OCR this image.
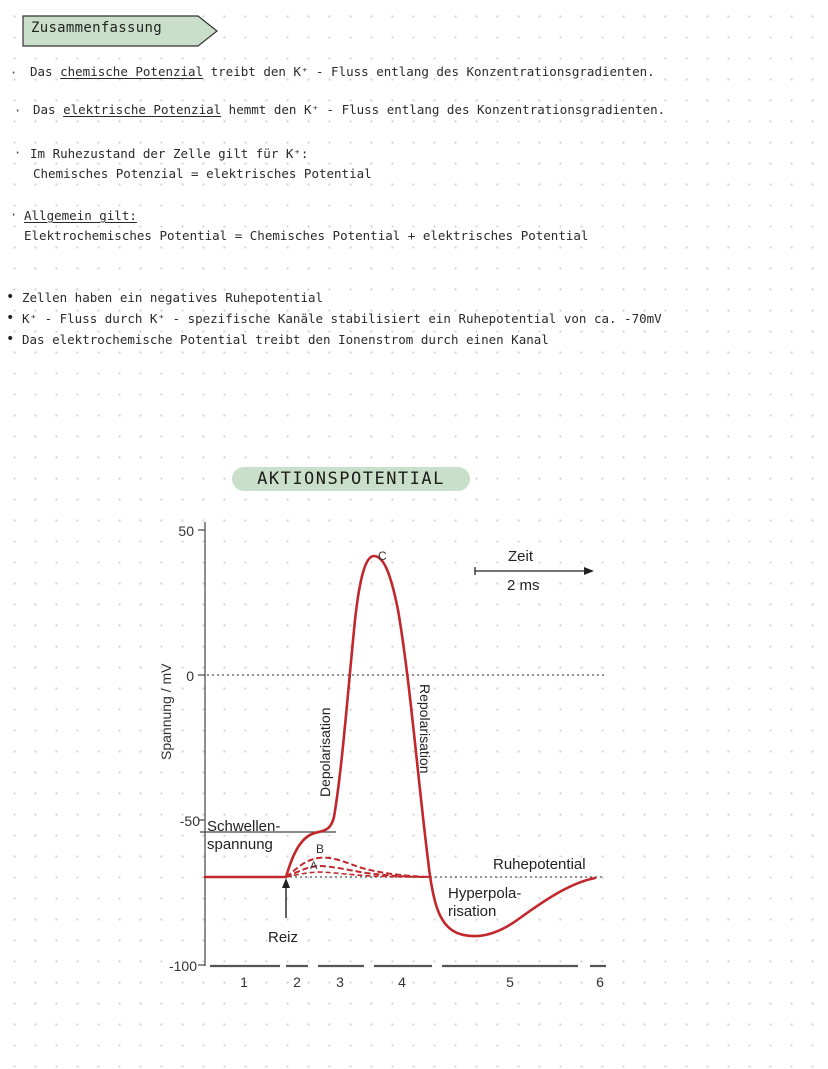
Zusammenfassung
· Das chemische Potenzial treibt den K⁺ - Fluss entlang des Konzentrationsgradienten.
· Das elektrische Potenzial hemmt den K⁺ - Fluss entlang des Konzentrationsgradienten.
· Im Ruhezustand der Zelle gilt für K⁺:
Chemisches Potenzial = elektrisches Potential
· Allgemein gilt:
Elektrochemisches Potential = Chemisches Potential + elektrisches Potential
• Zellen haben ein negatives Ruhepotential
• K⁺ - Fluss durch K⁺ - spezifische Kanäle stabilisiert ein Ruhepotential von ca. -70mV
• Das elektrochemische Potential treibt den Ionenstrom durch einen Kanal
AKTIONSPOTENTIAL
50
0
-50
-100
Spannung / mV
C
B
A
Schwellen-
spannung
Depolarisation	Repolarisation
Ruhepotential
Hyperpola-
risation
Reiz
Zeit
2 ms
1	2	3	4	5	6
